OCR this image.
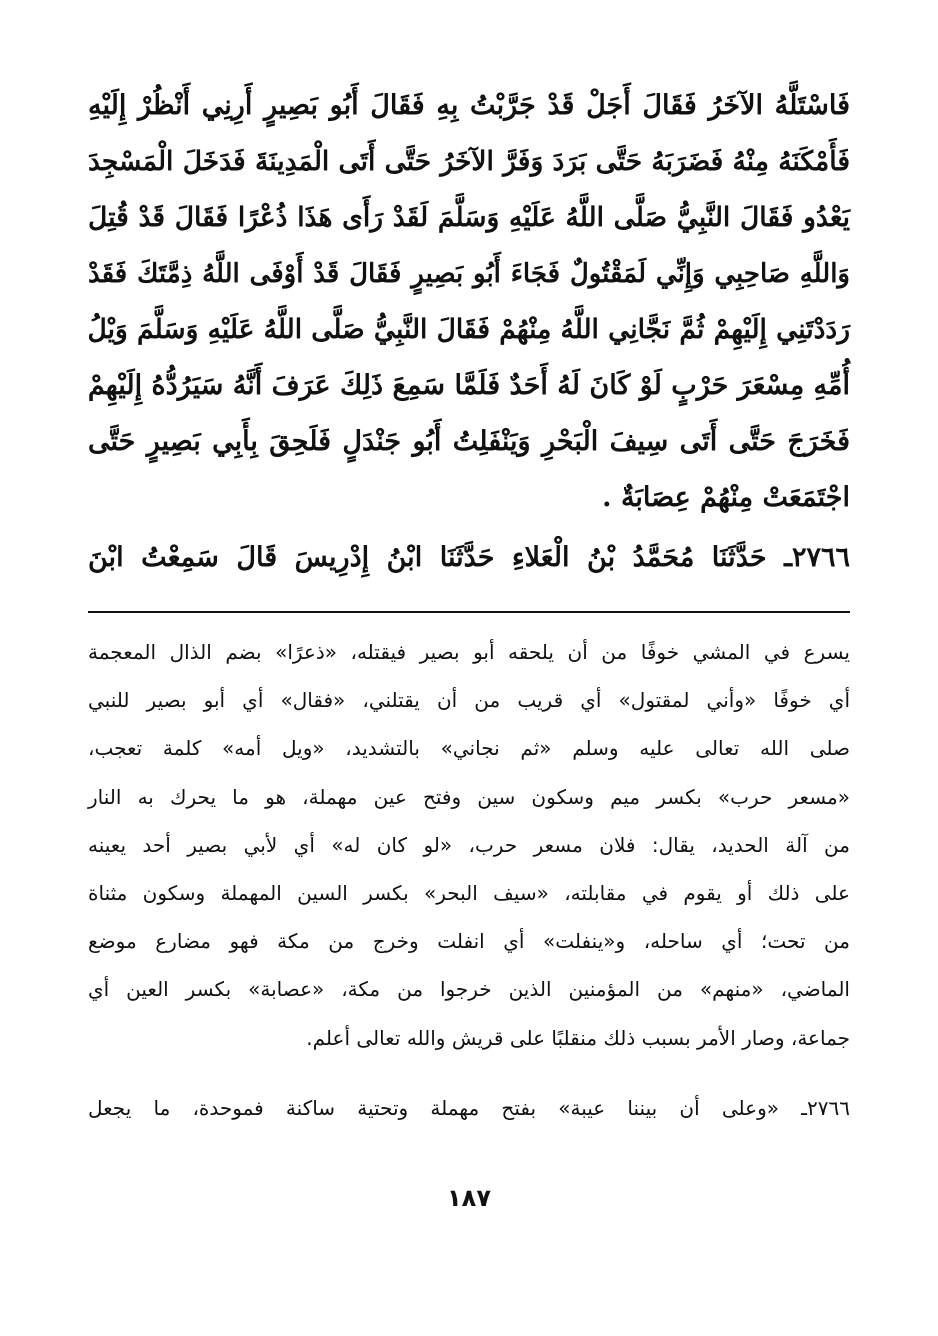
فَاسْتَلَّهُ الآخَرُ فَقَالَ أَجَلْ قَدْ جَرَّبْتُ بِهِ فَقَالَ أَبُو بَصِيرٍ أَرِنِي أَنْظُرْ إِلَيْهِ
فَأَمْكَنَهُ مِنْهُ فَضَرَبَهُ حَتَّى بَرَدَ وَفَرَّ الآخَرُ حَتَّى أَتَى الْمَدِينَةَ فَدَخَلَ الْمَسْجِدَ
يَعْدُو فَقَالَ النَّبِيُّ صَلَّى اللَّهُ عَلَيْهِ وَسَلَّمَ لَقَدْ رَأَى هَذَا ذُعْرًا فَقَالَ قَدْ قُتِلَ
وَاللَّهِ صَاحِبِي وَإِنِّي لَمَقْتُولٌ فَجَاءَ أَبُو بَصِيرٍ فَقَالَ قَدْ أَوْفَى اللَّهُ ذِمَّتَكَ فَقَدْ
رَدَدْتَنِي إِلَيْهِمْ ثُمَّ نَجَّانِي اللَّهُ مِنْهُمْ فَقَالَ النَّبِيُّ صَلَّى اللَّهُ عَلَيْهِ وَسَلَّمَ وَيْلُ
أُمِّهِ مِسْعَرَ حَرْبٍ لَوْ كَانَ لَهُ أَحَدٌ فَلَمَّا سَمِعَ ذَلِكَ عَرَفَ أَنَّهُ سَيَرُدُّهُ إِلَيْهِمْ
فَخَرَجَ حَتَّى أَتَى سِيفَ الْبَحْرِ وَيَنْفَلِتُ أَبُو جَنْدَلٍ فَلَحِقَ بِأَبِي بَصِيرٍ حَتَّى
اجْتَمَعَتْ مِنْهُمْ عِصَابَةٌ .

٢٧٦٦ـ حَدَّثَنَا مُحَمَّدُ بْنُ الْعَلاءِ حَدَّثَنَا ابْنُ إِدْرِيسَ قَالَ سَمِعْتُ ابْنَ

يسرع في المشي خوفًا من أن يلحقه أبو بصير فيقتله، «ذعرًا» بضم الذال المعجمة
أي خوفًا «وأني لمقتول» أي قريب من أن يقتلني، «فقال» أي أبو بصير للنبي
صلى الله تعالى عليه وسلم «ثم نجاني» بالتشديد، «ويل أمه» كلمة تعجب،
«مسعر حرب» بكسر ميم وسكون سين وفتح عين مهملة، هو ما يحرك به النار
من آلة الحديد، يقال: فلان مسعر حرب، «لو كان له» أي لأبي بصير أحد يعينه
على ذلك أو يقوم في مقابلته، «سيف البحر» بكسر السين المهملة وسكون مثناة
من تحت؛ أي ساحله، و«ينفلت» أي انفلت وخرج من مكة فهو مضارع موضع
الماضي، «منهم» من المؤمنين الذين خرجوا من مكة، «عصابة» بكسر العين أي
جماعة، وصار الأمر بسبب ذلك منقلبًا على قريش والله تعالى أعلم.

٢٧٦٦ـ «وعلى أن بيننا عيبة» بفتح مهملة وتحتية ساكنة فموحدة، ما يجعل

١٨٧
